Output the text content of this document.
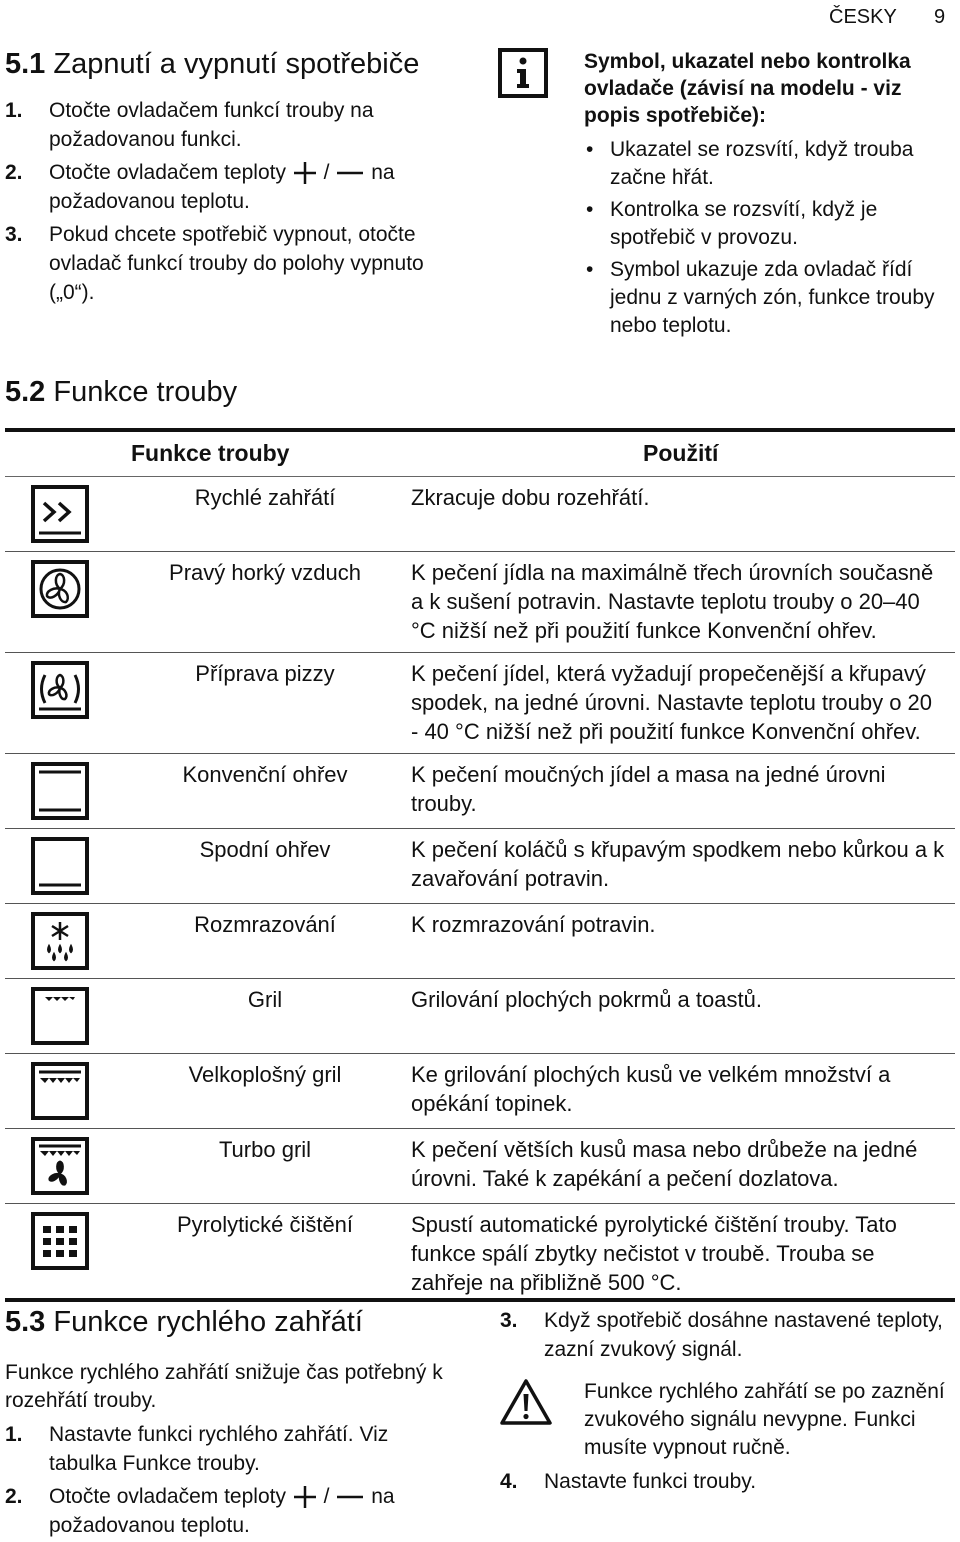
ČESKY 9
5.1 Zapnutí a vypnutí spotřebiče
1. Otočte ovladačem funkcí trouby na požadovanou funkci.
2. Otočte ovladačem teploty / na požadovanou teplotu.
3. Pokud chcete spotřebič vypnout, otočte ovladač funkcí trouby do polohy vypnuto („0“).
Symbol, ukazatel nebo kontrolka ovladače (závisí na modelu - viz popis spotřebiče):
• Ukazatel se rozsvítí, když trouba začne hřát.
• Kontrolka se rozsvítí, když je spotřebič v provozu.
• Symbol ukazuje zda ovladač řídí jednu z varných zón, funkce trouby nebo teplotu.
5.2 Funkce trouby
Funkce trouby		Použití
	Rychlé zahřátí	Zkracuje dobu rozehřátí.
	Pravý horký vzduch	K pečení jídla na maximálně třech úrovních současně a k sušení potravin. Nastavte teplotu trouby o 20–40 °C nižší než při použití funkce Konvenční ohřev.
	Příprava pizzy	K pečení jídel, která vyžadují propečenější a křupavý spodek, na jedné úrovni. Nastavte teplotu trouby o 20 - 40 °C nižší než při použití funkce Konvenční ohřev.
	Konvenční ohřev	K pečení moučných jídel a masa na jedné úrovni trouby.
	Spodní ohřev	K pečení koláčů s křupavým spodkem nebo kůrkou a k zavařování potravin.
	Rozmrazování	K rozmrazování potravin.
	Gril	Grilování plochých pokrmů a toastů.
	Velkoplošný gril	Ke grilování plochých kusů ve velkém množství a opékání topinek.
	Turbo gril	K pečení větších kusů masa nebo drůbeže na jedné úrovni. Také k zapékání a pečení dozlatova.
	Pyrolytické čištění	Spustí automatické pyrolytické čištění trouby. Tato funkce spálí zbytky nečistot v troubě. Trouba se zahřeje na přibližně 500 °C.
5.3 Funkce rychlého zahřátí
Funkce rychlého zahřátí snižuje čas potřebný k rozehřátí trouby.
1. Nastavte funkci rychlého zahřátí. Viz tabulka Funkce trouby.
2. Otočte ovladačem teploty / na požadovanou teplotu.
3. Když spotřebič dosáhne nastavené teploty, zazní zvukový signál.
Funkce rychlého zahřátí se po zaznění zvukového signálu nevypne. Funkci musíte vypnout ručně.
4. Nastavte funkci trouby.
